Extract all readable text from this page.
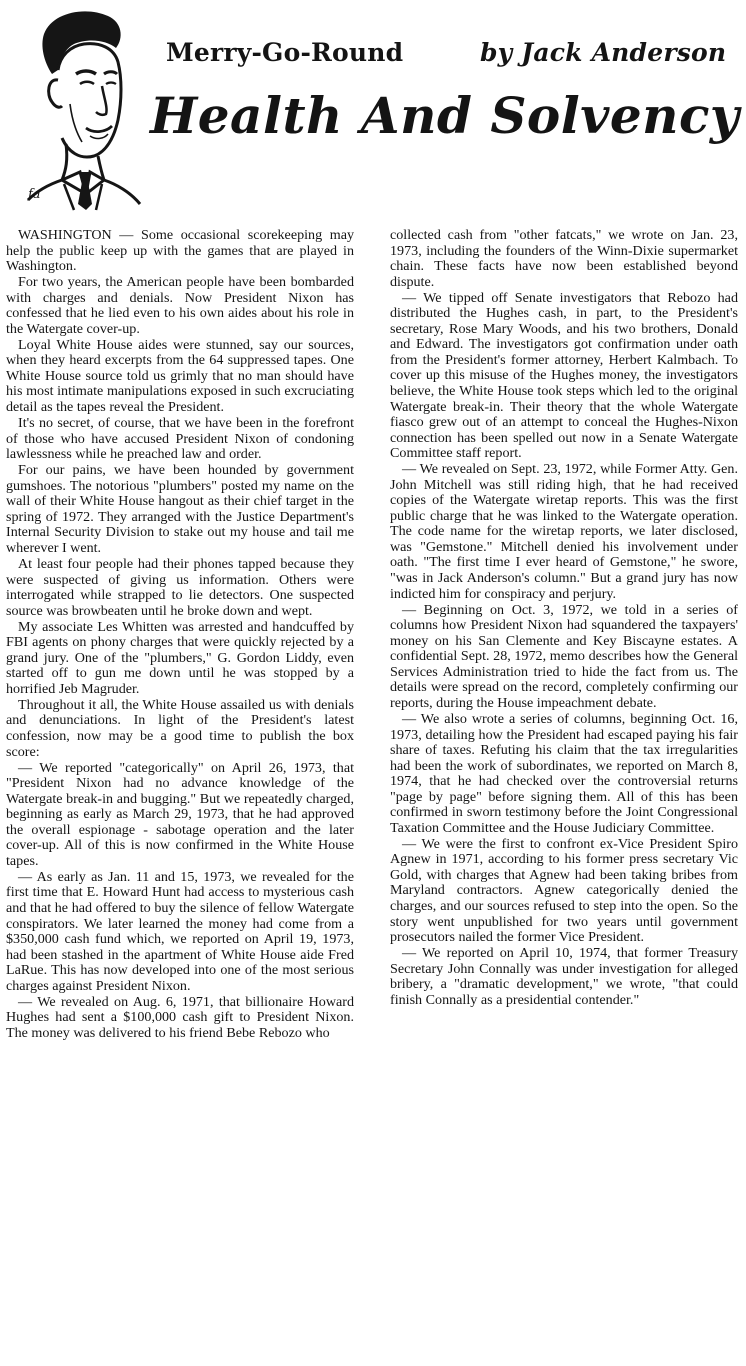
fa
Merry-Go-Round	by Jack Anderson
Health And Solvency

WASHINGTON — Some occasional scorekeeping may help the public keep up with the games that are played in Washington.

For two years, the American people have been bombarded with charges and denials. Now President Nixon has confessed that he lied even to his own aides about his role in the Watergate cover-up.

Loyal White House aides were stunned, say our sources, when they heard excerpts from the 64 suppressed tapes. One White House source told us grimly that no man should have his most intimate manipulations exposed in such excruciating detail as the tapes reveal the President.

It's no secret, of course, that we have been in the forefront of those who have accused President Nixon of condoning lawlessness while he preached law and order.

For our pains, we have been hounded by government gumshoes. The notorious "plumbers" posted my name on the wall of their White House hangout as their chief target in the spring of 1972. They arranged with the Justice Department's Internal Security Division to stake out my house and tail me wherever I went.

At least four people had their phones tapped because they were suspected of giving us information. Others were interrogated while strapped to lie detectors. One suspected source was browbeaten until he broke down and wept.

My associate Les Whitten was arrested and handcuffed by FBI agents on phony charges that were quickly rejected by a grand jury. One of the "plumbers," G. Gordon Liddy, even started off to gun me down until he was stopped by a horrified Jeb Magruder.

Throughout it all, the White House assailed us with denials and denunciations. In light of the President's latest confession, now may be a good time to publish the box score:

— We reported "categorically" on April 26, 1973, that "President Nixon had no advance knowledge of the Watergate break-in and bugging." But we repeatedly charged, beginning as early as March 29, 1973, that he had approved the overall espionage - sabotage operation and the later cover-up. All of this is now confirmed in the White House tapes.

— As early as Jan. 11 and 15, 1973, we revealed for the first time that E. Howard Hunt had access to mysterious cash and that he had offered to buy the silence of fellow Watergate conspirators. We later learned the money had come from a $350,000 cash fund which, we reported on April 19, 1973, had been stashed in the apartment of White House aide Fred LaRue. This has now developed into one of the most serious charges against President Nixon.

— We revealed on Aug. 6, 1971, that billionaire Howard Hughes had sent a $100,000 cash gift to President Nixon. The money was delivered to his friend Bebe Rebozo who

collected cash from "other fatcats," we wrote on Jan. 23, 1973, including the founders of the Winn-Dixie supermarket chain. These facts have now been established beyond dispute.

— We tipped off Senate investigators that Rebozo had distributed the Hughes cash, in part, to the President's secretary, Rose Mary Woods, and his two brothers, Donald and Edward. The investigators got confirmation under oath from the President's former attorney, Herbert Kalmbach. To cover up this misuse of the Hughes money, the investigators believe, the White House took steps which led to the original Watergate break-in. Their theory that the whole Watergate fiasco grew out of an attempt to conceal the Hughes-Nixon connection has been spelled out now in a Senate Watergate Committee staff report.

— We revealed on Sept. 23, 1972, while Former Atty. Gen. John Mitchell was still riding high, that he had received copies of the Watergate wiretap reports. This was the first public charge that he was linked to the Watergate operation. The code name for the wiretap reports, we later disclosed, was "Gemstone." Mitchell denied his involvement under oath. "The first time I ever heard of Gemstone," he swore, "was in Jack Anderson's column." But a grand jury has now indicted him for conspiracy and perjury.

— Beginning on Oct. 3, 1972, we told in a series of columns how President Nixon had squandered the taxpayers' money on his San Clemente and Key Biscayne estates. A confidential Sept. 28, 1972, memo describes how the General Services Administration tried to hide the fact from us. The details were spread on the record, completely confirming our reports, during the House impeachment debate.

— We also wrote a series of columns, beginning Oct. 16, 1973, detailing how the President had escaped paying his fair share of taxes. Refuting his claim that the tax irregularities had been the work of subordinates, we reported on March 8, 1974, that he had checked over the controversial returns "page by page" before signing them. All of this has been confirmed in sworn testimony before the Joint Congressional Taxation Committee and the House Judiciary Committee.

— We were the first to confront ex-Vice President Spiro Agnew in 1971, according to his former press secretary Vic Gold, with charges that Agnew had been taking bribes from Maryland contractors. Agnew categorically denied the charges, and our sources refused to step into the open. So the story went unpublished for two years until government prosecutors nailed the former Vice President.

— We reported on April 10, 1974, that former Treasury Secretary John Connally was under investigation for alleged bribery, a "dramatic development," we wrote, "that could finish Connally as a presidential contender."
